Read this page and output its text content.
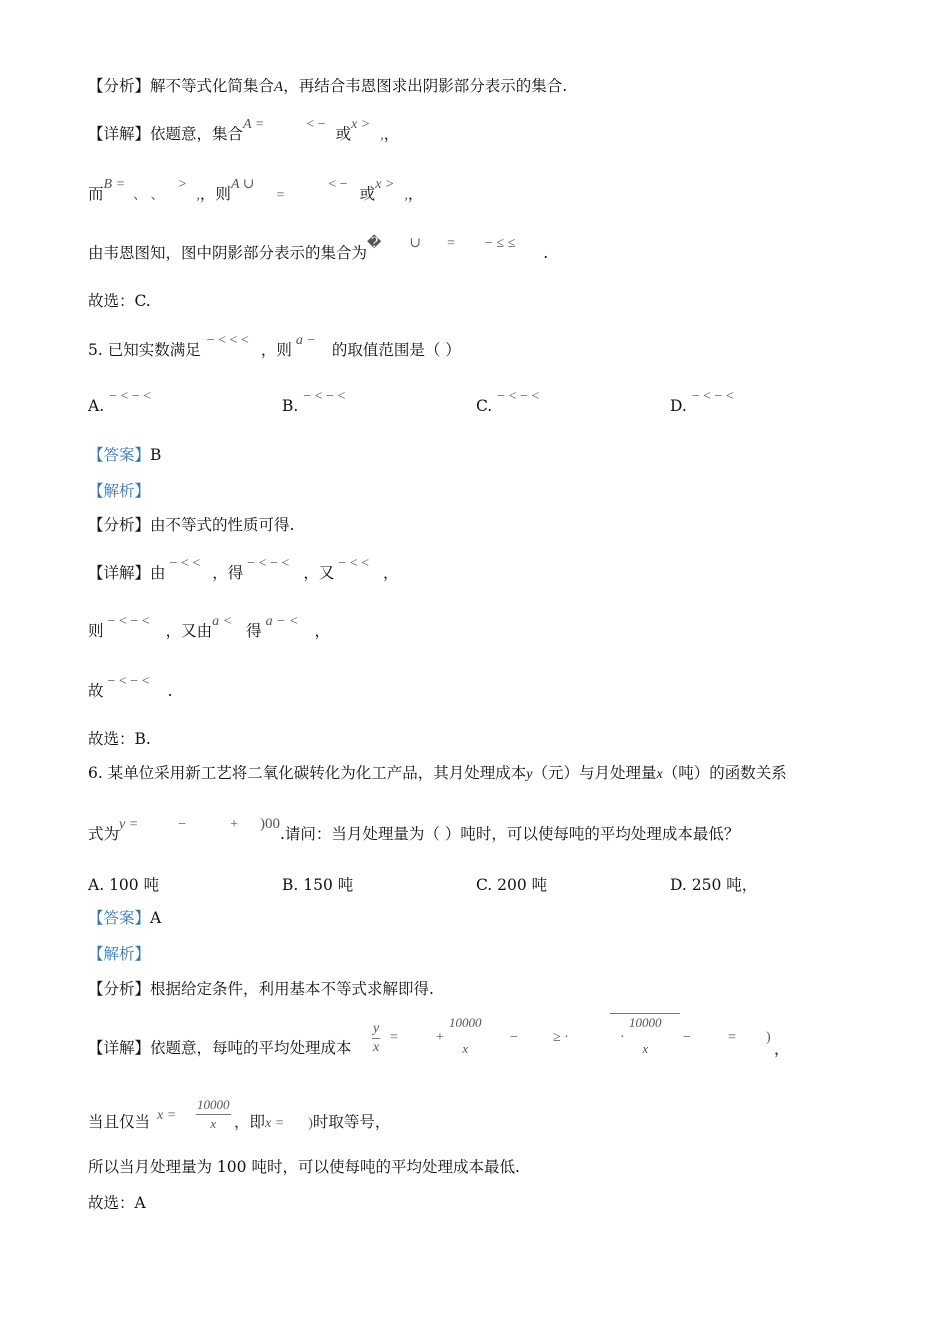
【分析】解不等式化简集合A，再结合韦恩图求出阴影部分表示的集合.
【详解】依题意，集合A =	< −或x >,，
而B =、 、>,，则A ∪=< −或x >,，
由韦恩图知，图中阴影部分表示的集合为� ∪ = − ≤ ≤.
故选：C.
5. 已知实数满足− < < <，则a −的取值范围是（ ）
A. − < − <
B. − < − <
C. − < − <
D. − < − <
【答案】B
【解析】
【分析】由不等式的性质可得.
【详解】由− < <，得− < − <，又− < <，
则− < − <，又由a <得a − <，
故− < − <.
故选：B.
6. 某单位采用新工艺将二氧化碳转化为化工产品，其月处理成本y（元）与月处理量x（吨）的函数关系
式为y =	−	+ )00.请问：当月处理量为（ ）吨时，可以使每吨的平均处理成本最低？
A. 100 吨	B. 150 吨	C. 200 吨	D. 250 吨，
【答案】A
【解析】
【分析】根据给定条件，利用基本不等式求解即得.
【详解】依题意，每吨的平均处理成本 $\frac{y}{x}$ =	+
10000
x
−	≥ ·	·
10000
x
−	= )
，
当且仅当 $x = \frac{10000}{x}$ ，即x = )时取等号，
所以当月处理量为 100 吨时，可以使每吨的平均处理成本最低.
故选：A
